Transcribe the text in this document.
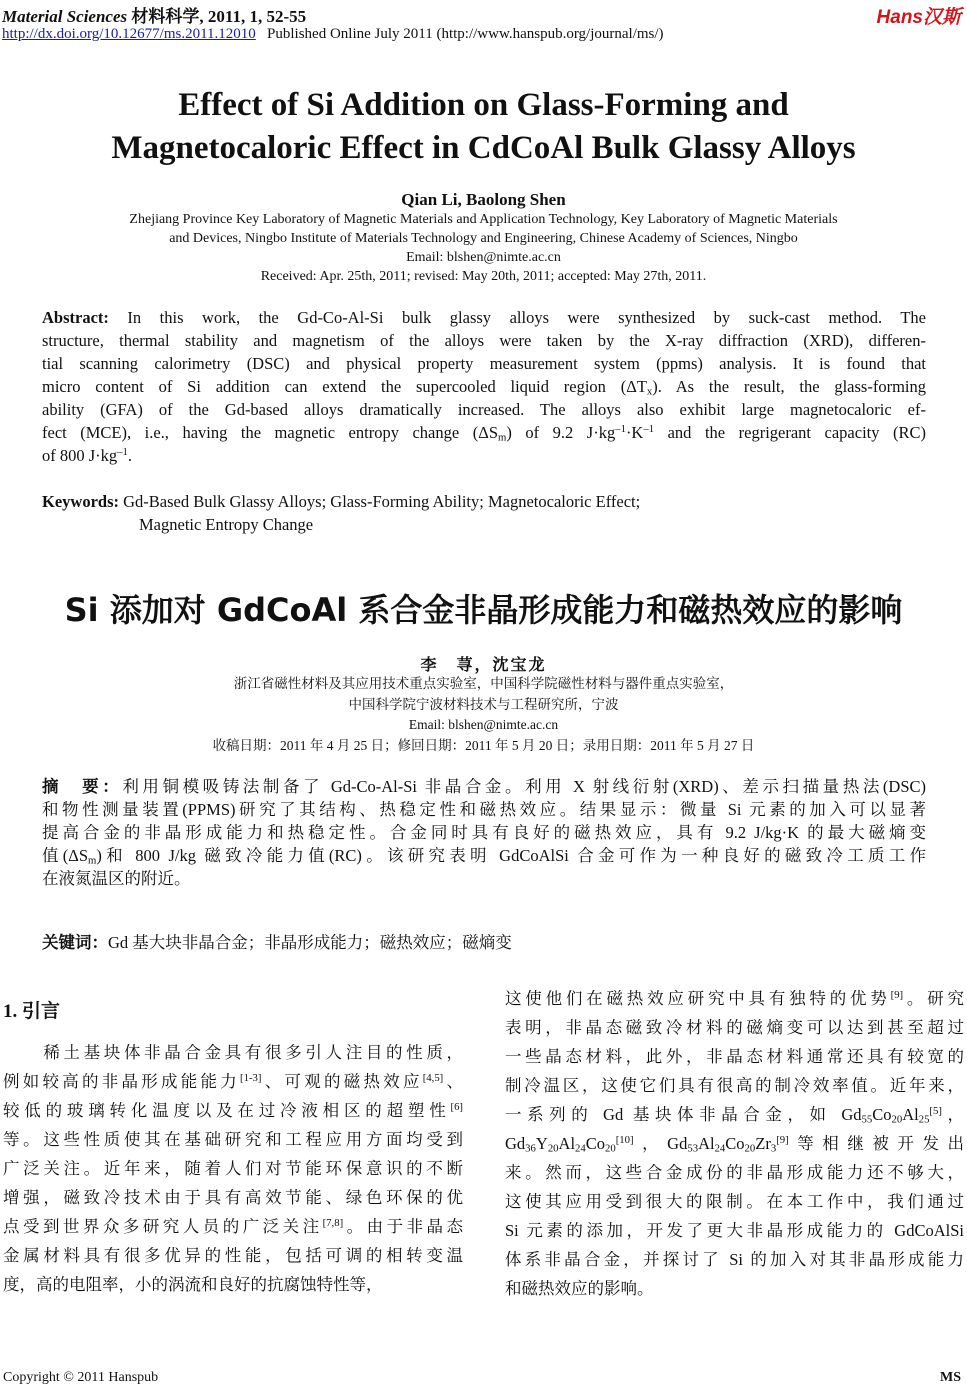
Material Sciences 材料科学, 2011, 1, 52-55
http://dx.doi.org/10.12677/ms.2011.12010 Published Online July 2011 (http://www.hanspub.org/journal/ms/)
Hans汉斯
Effect of Si Addition on Glass-Forming and
Magnetocaloric Effect in CdCoAl Bulk Glassy Alloys
Qian Li, Baolong Shen
Zhejiang Province Key Laboratory of Magnetic Materials and Application Technology, Key Laboratory of Magnetic Materials
and Devices, Ningbo Institute of Materials Technology and Engineering, Chinese Academy of Sciences, Ningbo
Email: blshen@nimte.ac.cn
Received: Apr. 25th, 2011; revised: May 20th, 2011; accepted: May 27th, 2011.
Abstract: In this work, the Gd-Co-Al-Si bulk glassy alloys were synthesized by suck-cast method. The
structure, thermal stability and magnetism of the alloys were taken by the X-ray diffraction (XRD), differen-
tial scanning calorimetry (DSC) and physical property measurement system (ppms) analysis. It is found that
micro content of Si addition can extend the supercooled liquid region $(\Delta T_x)$. As the result, the glass-forming
ability (GFA) of the Gd-based alloys dramatically increased. The alloys also exhibit large magnetocaloric ef-
fect (MCE), i.e., having the magnetic entropy change $(\Delta S_m)$ of 9.2 $J\cdot kg^{-1}\cdot K^{-1}$ and the regrigerant capacity (RC)
of 800 $J\cdot kg^{-1}$.
Keywords: Gd-Based Bulk Glassy Alloys; Glass-Forming Ability; Magnetocaloric Effect;
Magnetic Entropy Change
Si 添加对 GdCoAl 系合金非晶形成能力和磁热效应的影响
李　荨，沈宝龙
浙江省磁性材料及其应用技术重点实验室，中国科学院磁性材料与器件重点实验室，
中国科学院宁波材料技术与工程研究所，宁波
Email: blshen@nimte.ac.cn
收稿日期：2011 年 4 月 25 日；修回日期：2011 年 5 月 20 日；录用日期：2011 年 5 月 27 日
摘　要：利用铜模吸铸法制备了 Gd-Co-Al-Si 非晶合金。利用 X 射线衍射(XRD)、差示扫描量热法(DSC)
和物性测量装置(PPMS)研究了其结构、热稳定性和磁热效应。结果显示：微量 Si 元素的加入可以显著
提高合金的非晶形成能力和热稳定性。合金同时具有良好的磁热效应，具有 9.2 J/kg·K 的最大磁熵变
值$(\Delta S_m)$和 800 J/kg 磁致冷能力值(RC)。该研究表明 GdCoAlSi 合金可作为一种良好的磁致冷工质工作
在液氮温区的附近。
关键词：Gd 基大块非晶合金；非晶形成能力；磁热效应；磁熵变
1. 引言
　　稀土基块体非晶合金具有很多引人注目的性质，
例如较高的非晶形成能能力[1-3]、可观的磁热效应[4,5]、
较低的玻璃转化温度以及在过冷液相区的超塑性[6]
等。这些性质使其在基础研究和工程应用方面均受到
广泛关注。近年来，随着人们对节能环保意识的不断
增强，磁致冷技术由于具有高效节能、绿色环保的优
点受到世界众多研究人员的广泛关注[7,8]。由于非晶态
金属材料具有很多优异的性能，包括可调的相转变温
度，高的电阻率，小的涡流和良好的抗腐蚀特性等，
这使他们在磁热效应研究中具有独特的优势[9]。研究
表明，非晶态磁致冷材料的磁熵变可以达到甚至超过
一些晶态材料，此外，非晶态材料通常还具有较宽的
制冷温区，这使它们具有很高的制冷效率值。近年来，
一系列的 Gd 基块体非晶合金，如 $Gd_{55}Co_{20}Al_{25}[5]$，
$Gd_{36}Y_{20}Al_{24}Co_{20}[10]$，$Gd_{53}Al_{24}Co_{20}Zr_3[9]$等相继被开发出
来。然而，这些合金成份的非晶形成能力还不够大，
这使其应用受到很大的限制。在本工作中，我们通过
Si 元素的添加，开发了更大非晶形成能力的 GdCoAlSi
体系非晶合金，并探讨了 Si 的加入对其非晶形成能力
和磁热效应的影响。
Copyright © 2011 Hanspub	MS
